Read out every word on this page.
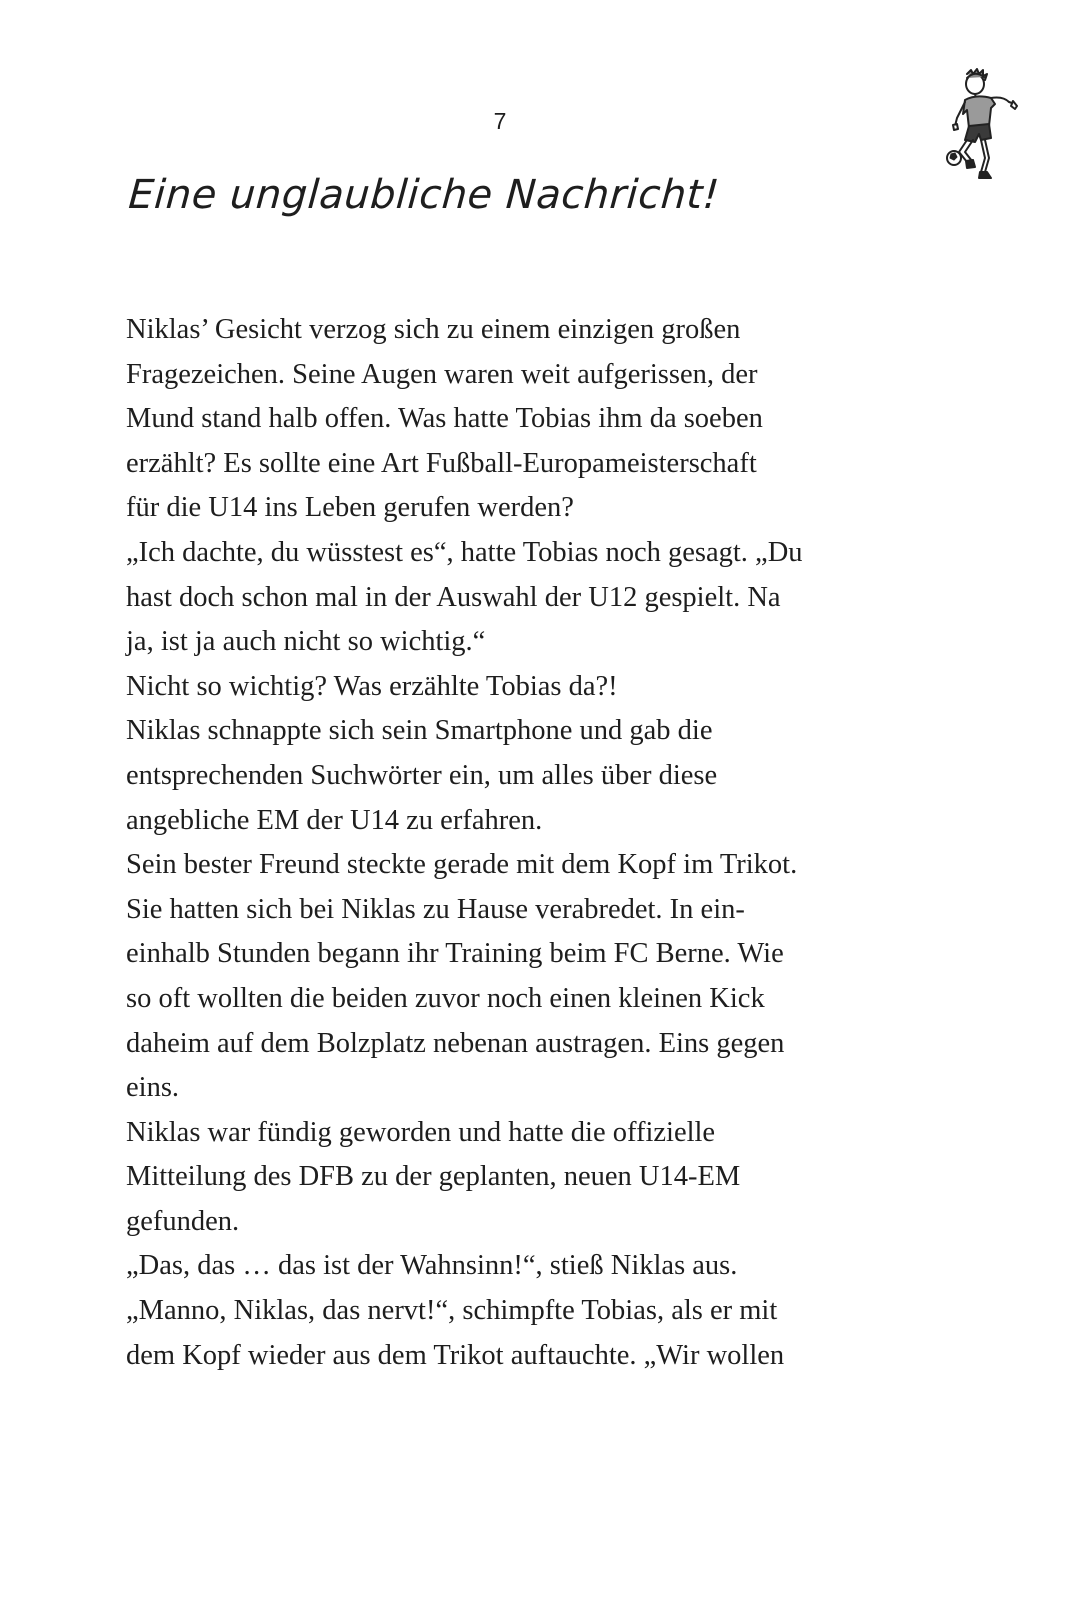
7
Eine unglaubliche Nachricht!
Niklas’ Gesicht verzog sich zu einem einzigen großen
Fragezeichen. Seine Augen waren weit aufgerissen, der
Mund stand halb offen. Was hatte Tobias ihm da soeben
erzählt? Es sollte eine Art Fußball-Europameisterschaft
für die U14 ins Leben gerufen werden?
„Ich dachte, du wüsstest es“, hatte Tobias noch gesagt. „Du
hast doch schon mal in der Auswahl der U12 gespielt. Na
ja, ist ja auch nicht so wichtig.“
Nicht so wichtig? Was erzählte Tobias da?!
Niklas schnappte sich sein Smartphone und gab die
entsprechenden Suchwörter ein, um alles über diese
angebliche EM der U14 zu erfahren.
Sein bester Freund steckte gerade mit dem Kopf im Trikot.
Sie hatten sich bei Niklas zu Hause verabredet. In ein-
einhalb Stunden begann ihr Training beim FC Berne. Wie
so oft wollten die beiden zuvor noch einen kleinen Kick
daheim auf dem Bolzplatz nebenan austragen. Eins gegen
eins.
Niklas war fündig geworden und hatte die offizielle
Mitteilung des DFB zu der geplanten, neuen U14-EM
gefunden.
„Das, das … das ist der Wahnsinn!“, stieß Niklas aus.
„Manno, Niklas, das nervt!“, schimpfte Tobias, als er mit
dem Kopf wieder aus dem Trikot auftauchte. „Wir wollen
